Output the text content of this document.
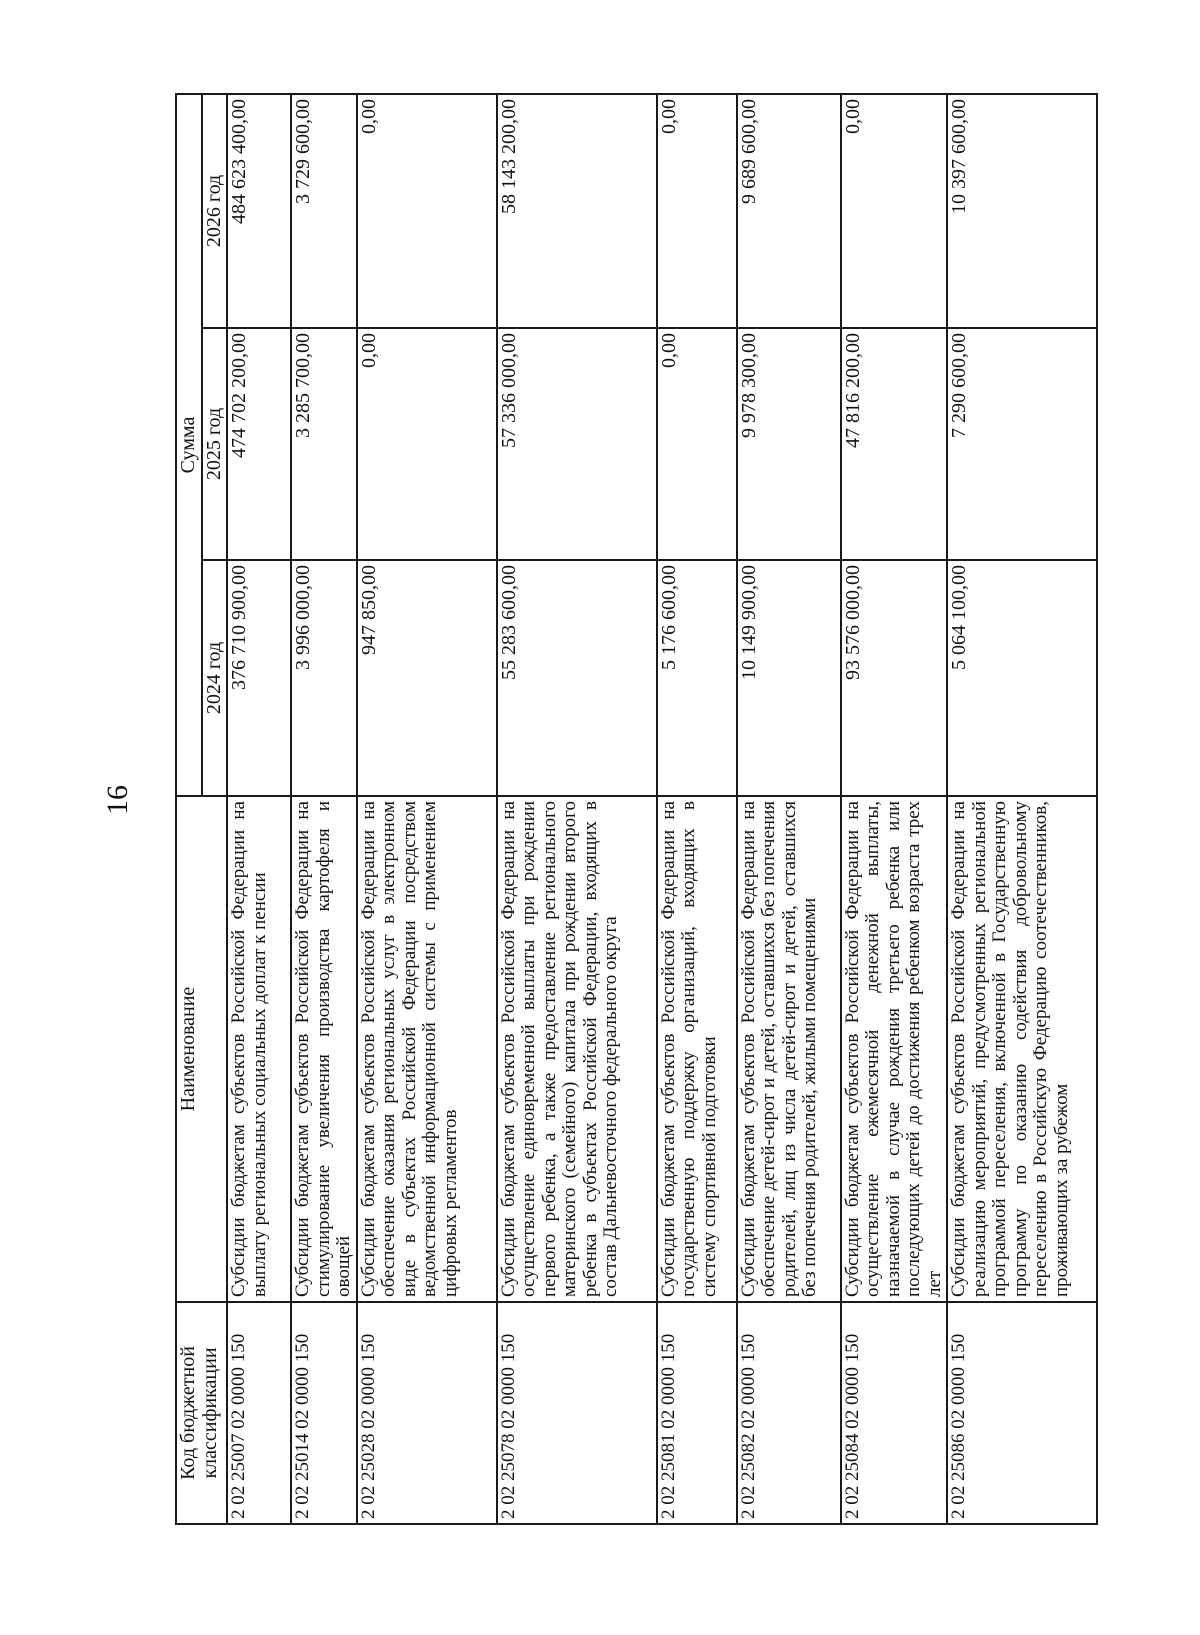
16
Код бюджетной классификации	Наименование	Сумма		
		2024 год	2025 год	2026 год
2 02 25007 02 0000 150	Субсидии бюджетам субъектов Российской Федерации на выплату региональных социальных доплат к пенсии	376 710 900,00	474 702 200,00	484 623 400,00
2 02 25014 02 0000 150	Субсидии бюджетам субъектов Российской Федерации на стимулирование увеличения производства картофеля и овощей	3 996 000,00	3 285 700,00	3 729 600,00
2 02 25028 02 0000 150	Субсидии бюджетам субъектов Российской Федерации на обеспечение оказания региональных услуг в электронном виде в субъектах Российской Федерации посредством ведомственной информационной системы с применением цифровых регламентов	947 850,00	0,00	0,00
2 02 25078 02 0000 150	Субсидии бюджетам субъектов Российской Федерации на осуществление единовременной выплаты при рождении первого ребенка, а также предоставление регионального материнского (семейного) капитала при рождении второго ребенка в субъектах Российской Федерации, входящих в состав Дальневосточного федерального округа	55 283 600,00	57 336 000,00	58 143 200,00
2 02 25081 02 0000 150	Субсидии бюджетам субъектов Российской Федерации на государственную поддержку организаций, входящих в систему спортивной подготовки	5 176 600,00	0,00	0,00
2 02 25082 02 0000 150	Субсидии бюджетам субъектов Российской Федерации на обеспечение детей-сирот и детей, оставшихся без попечения родителей, лиц из числа детей-сирот и детей, оставшихся без попечения родителей, жилыми помещениями	10 149 900,00	9 978 300,00	9 689 600,00
2 02 25084 02 0000 150	Субсидии бюджетам субъектов Российской Федерации на осуществление ежемесячной денежной выплаты, назначаемой в случае рождения третьего ребенка или последующих детей до достижения ребенком возраста трех лет	93 576 000,00	47 816 200,00	0,00
2 02 25086 02 0000 150	Субсидии бюджетам субъектов Российской Федерации на реализацию мероприятий, предусмотренных региональной программой переселения, включенной в Государственную программу по оказанию содействия добровольному переселению в Российскую Федерацию соотечественников, проживающих за рубежом	5 064 100,00	7 290 600,00	10 397 600,00
